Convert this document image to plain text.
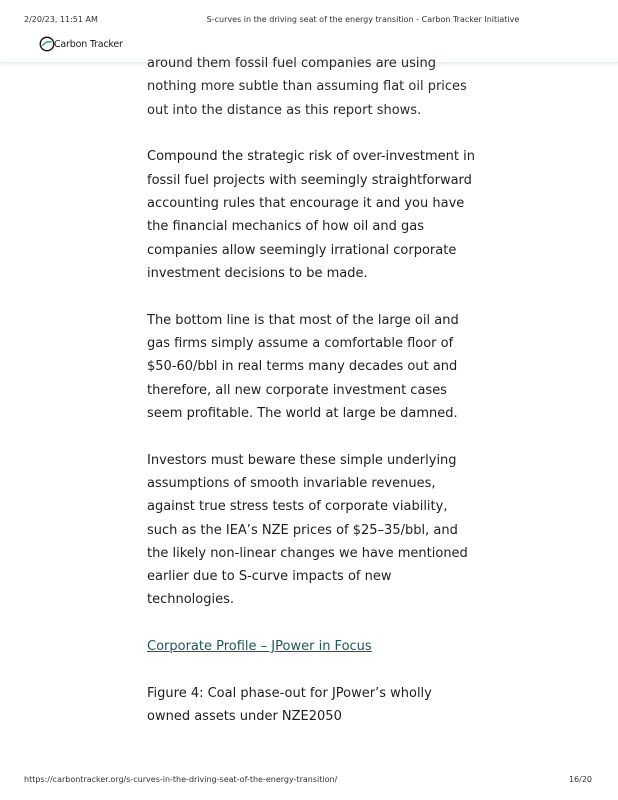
2/20/23, 11:51 AM	S-curves in the driving seat of the energy transition - Carbon Tracker Initiative
Carbon Tracker

around them fossil fuel companies are using nothing more subtle than assuming flat oil prices out into the distance as this report shows.

Compound the strategic risk of over-investment in fossil fuel projects with seemingly straightforward accounting rules that encourage it and you have the financial mechanics of how oil and gas companies allow seemingly irrational corporate investment decisions to be made.

The bottom line is that most of the large oil and gas firms simply assume a comfortable floor of $50-60/bbl in real terms many decades out and therefore, all new corporate investment cases seem profitable. The world at large be damned.

Investors must beware these simple underlying assumptions of smooth invariable revenues, against true stress tests of corporate viability, such as the IEA’s NZE prices of $25–35/bbl, and the likely non-linear changes we have mentioned earlier due to S-curve impacts of new technologies.

Corporate Profile – JPower in Focus

Figure 4: Coal phase-out for JPower’s wholly owned assets under NZE2050

https://carbontracker.org/s-curves-in-the-driving-seat-of-the-energy-transition/	16/20
